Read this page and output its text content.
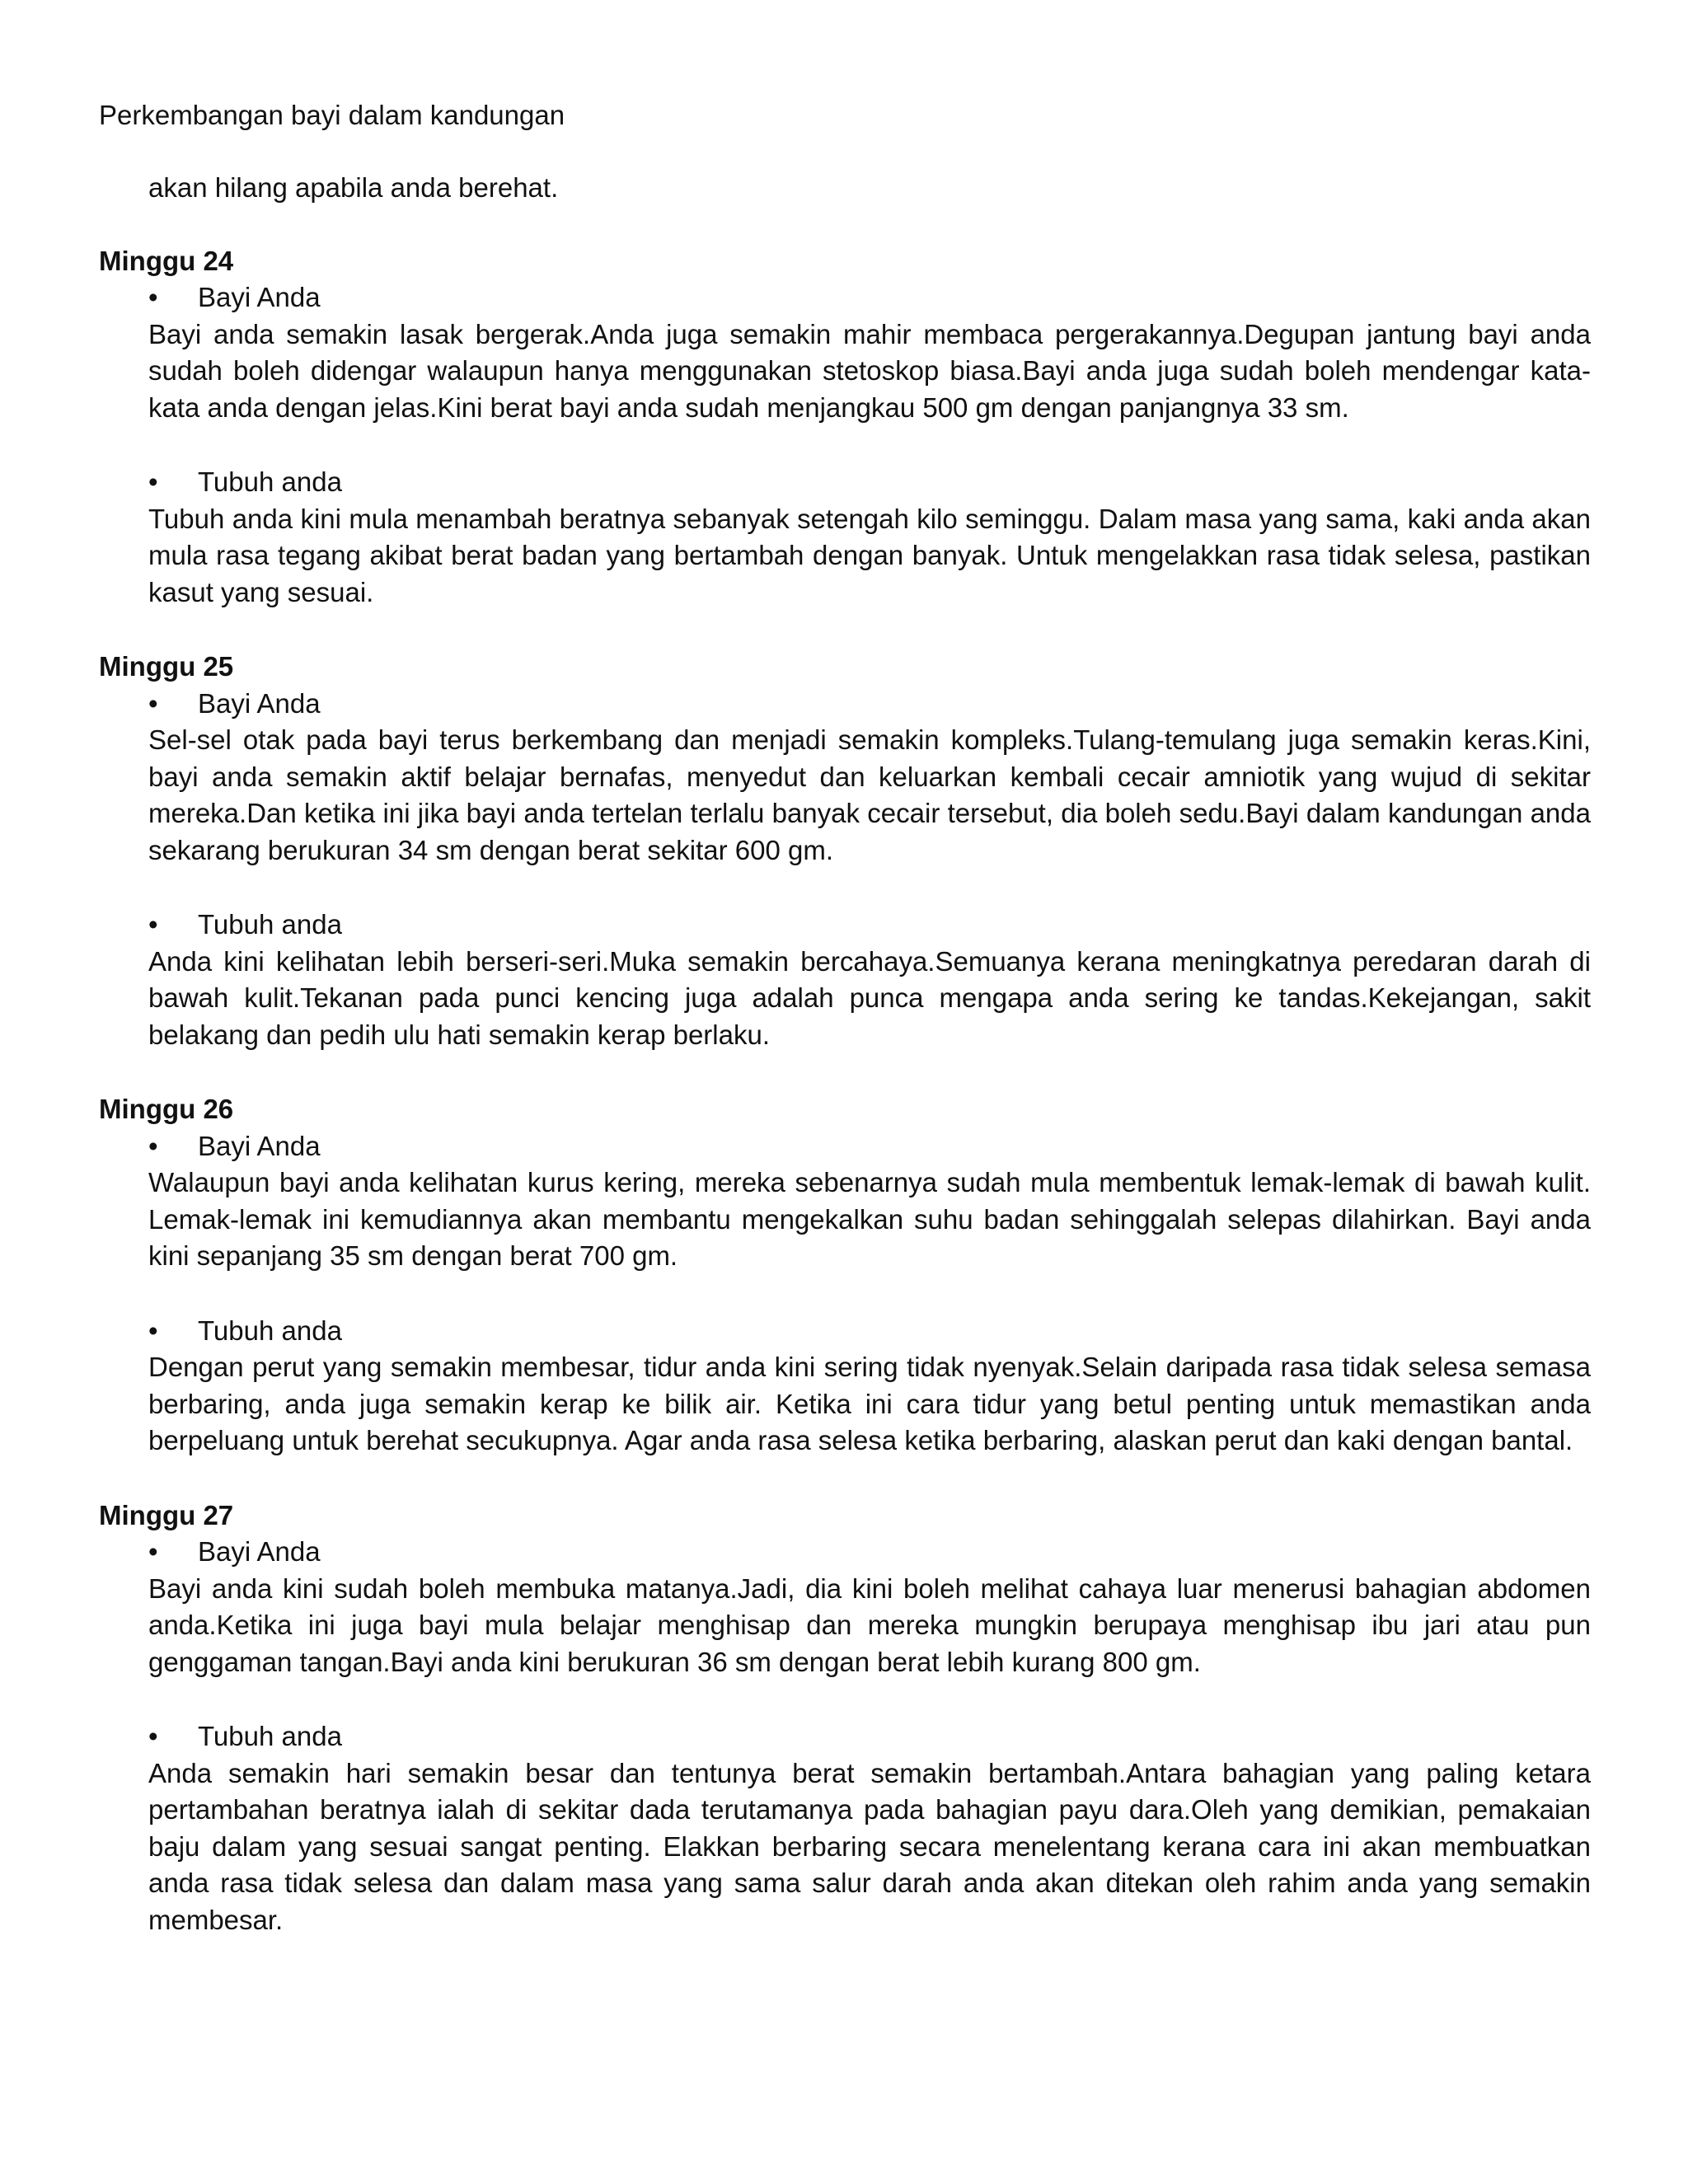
Perkembangan bayi dalam kandungan

akan hilang apabila anda berehat.

Minggu 24

• Bayi Anda

Bayi anda semakin lasak bergerak.Anda juga semakin mahir membaca pergerakannya.Degupan jantung bayi anda sudah boleh didengar walaupun hanya menggunakan stetoskop biasa.Bayi anda juga sudah boleh mendengar kata-kata anda dengan jelas.Kini berat bayi anda sudah menjangkau 500 gm dengan panjangnya 33 sm.

• Tubuh anda

Tubuh anda kini mula menambah beratnya sebanyak setengah kilo seminggu. Dalam masa yang sama, kaki anda akan mula rasa tegang akibat berat badan yang bertambah dengan banyak. Untuk mengelakkan rasa tidak selesa, pastikan kasut yang sesuai.

Minggu 25

• Bayi Anda

Sel-sel otak pada bayi terus berkembang dan menjadi semakin kompleks.Tulang-temulang juga semakin keras.Kini, bayi anda semakin aktif belajar bernafas, menyedut dan keluarkan kembali cecair amniotik yang wujud di sekitar mereka.Dan ketika ini jika bayi anda tertelan terlalu banyak cecair tersebut, dia boleh sedu.Bayi dalam kandungan anda sekarang berukuran 34 sm dengan berat sekitar 600 gm.

• Tubuh anda

Anda kini kelihatan lebih berseri-seri.Muka semakin bercahaya.Semuanya kerana meningkatnya peredaran darah di bawah kulit.Tekanan pada punci kencing juga adalah punca mengapa anda sering ke tandas.Kekejangan, sakit belakang dan pedih ulu hati semakin kerap berlaku.

Minggu 26

• Bayi Anda

Walaupun bayi anda kelihatan kurus kering, mereka sebenarnya sudah mula membentuk lemak-lemak di bawah kulit. Lemak-lemak ini kemudiannya akan membantu mengekalkan suhu badan sehinggalah selepas dilahirkan. Bayi anda kini sepanjang 35 sm dengan berat 700 gm.

• Tubuh anda

Dengan perut yang semakin membesar, tidur anda kini sering tidak nyenyak.Selain daripada rasa tidak selesa semasa berbaring, anda juga semakin kerap ke bilik air. Ketika ini cara tidur yang betul penting untuk memastikan anda berpeluang untuk berehat secukupnya. Agar anda rasa selesa ketika berbaring, alaskan perut dan kaki dengan bantal.

Minggu 27

• Bayi Anda

Bayi anda kini sudah boleh membuka matanya.Jadi, dia kini boleh melihat cahaya luar menerusi bahagian abdomen anda.Ketika ini juga bayi mula belajar menghisap dan mereka mungkin berupaya menghisap ibu jari atau pun genggaman tangan.Bayi anda kini berukuran 36 sm dengan berat lebih kurang 800 gm.

• Tubuh anda

Anda semakin hari semakin besar dan tentunya berat semakin bertambah.Antara bahagian yang paling ketara pertambahan beratnya ialah di sekitar dada terutamanya pada bahagian payu dara.Oleh yang demikian, pemakaian baju dalam yang sesuai sangat penting. Elakkan berbaring secara menelentang kerana cara ini akan membuatkan anda rasa tidak selesa dan dalam masa yang sama salur darah anda akan ditekan oleh rahim anda yang semakin membesar.
